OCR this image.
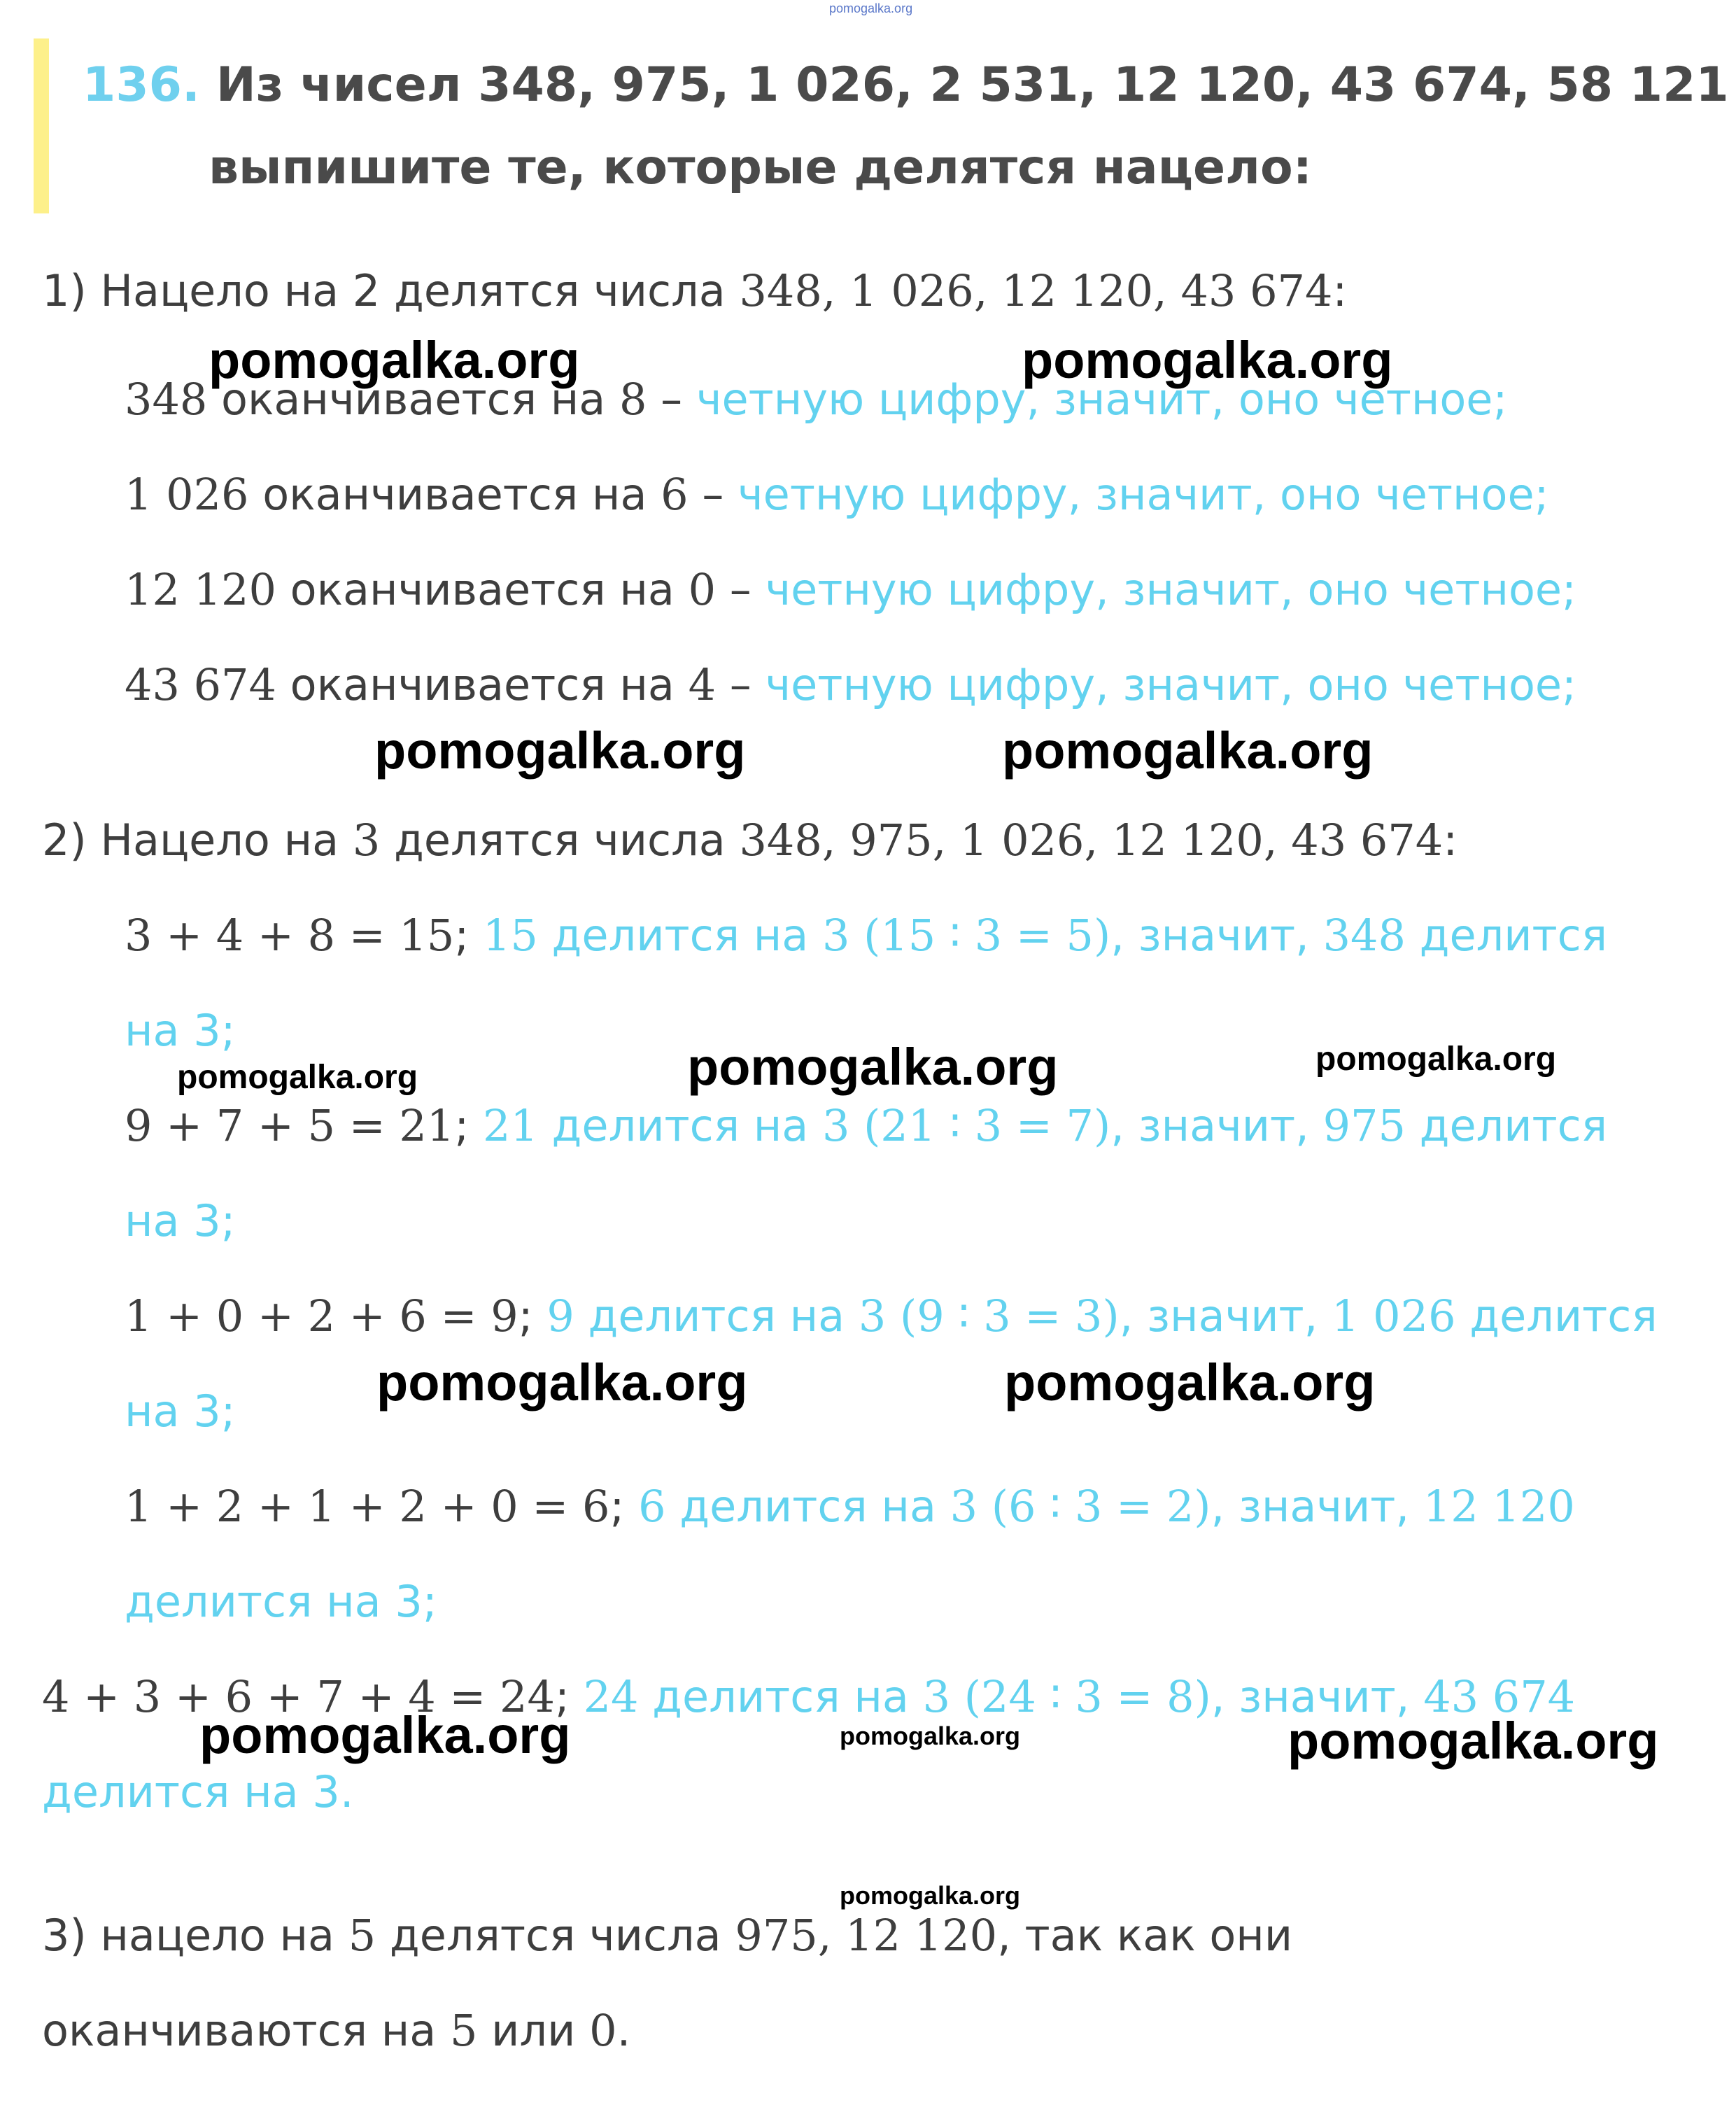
pomogalka.org
136. Из чисел 348, 975, 1 026, 2 531, 12 120, 43 674, 58 121
выпишите те, которые делятся нацело:
1) Нацело на 2 делятся числа 348, 1 026, 12 120, 43 674:
348 оканчивается на 8 – четную цифру, значит, оно четное;
1 026 оканчивается на 6 – четную цифру, значит, оно четное;
12 120 оканчивается на 0 – четную цифру, значит, оно четное;
43 674 оканчивается на 4 – четную цифру, значит, оно четное;
2) Нацело на 3 делятся числа 348, 975, 1 026, 12 120, 43 674:
3 + 4 + 8 = 15; 15 делится на 3 (15 ∶ 3 = 5), значит, 348 делится
на 3;
9 + 7 + 5 = 21; 21 делится на 3 (21 ∶ 3 = 7), значит, 975 делится
на 3;
1 + 0 + 2 + 6 = 9; 9 делится на 3 (9 ∶ 3 = 3), значит, 1 026 делится
на 3;
1 + 2 + 1 + 2 + 0 = 6; 6 делится на 3 (6 ∶ 3 = 2), значит, 12 120
делится на 3;
4 + 3 + 6 + 7 + 4 = 24; 24 делится на 3 (24 ∶ 3 = 8), значит, 43 674
делится на 3.
3) нацело на 5 делятся числа 975, 12 120, так как они
оканчиваются на 5 или 0.
pomogalka.org	pomogalka.org
pomogalka.org	pomogalka.org
pomogalka.org	pomogalka.org	pomogalka.org
pomogalka.org	pomogalka.org
pomogalka.org	pomogalka.org	pomogalka.org
pomogalka.org
